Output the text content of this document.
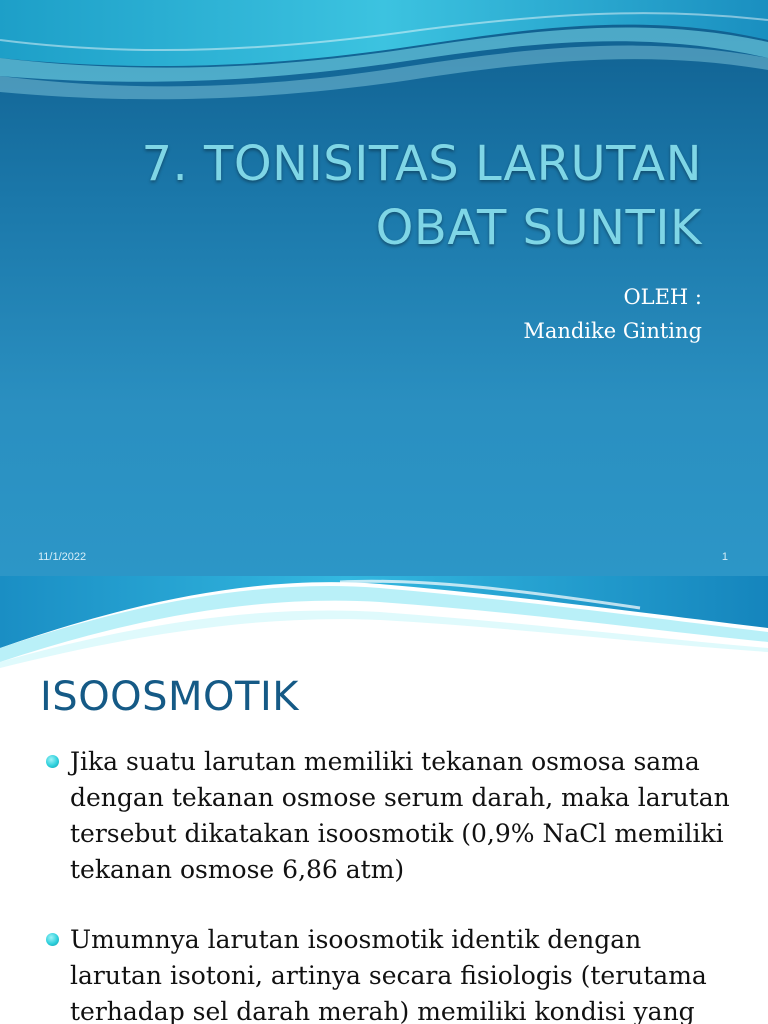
7. TONISITAS LARUTAN
OBAT SUNTIK
OLEH :
Mandike Ginting
11/1/2022	1
ISOOSMOTIK
Jika suatu larutan memiliki tekanan osmosa sama dengan tekanan osmose serum darah, maka larutan tersebut dikatakan isoosmotik (0,9% NaCl memiliki tekanan osmose 6,86 atm)
Umumnya larutan isoosmotik identik dengan larutan isotoni, artinya secara fisiologis (terutama terhadap sel darah merah) memiliki kondisi yang
